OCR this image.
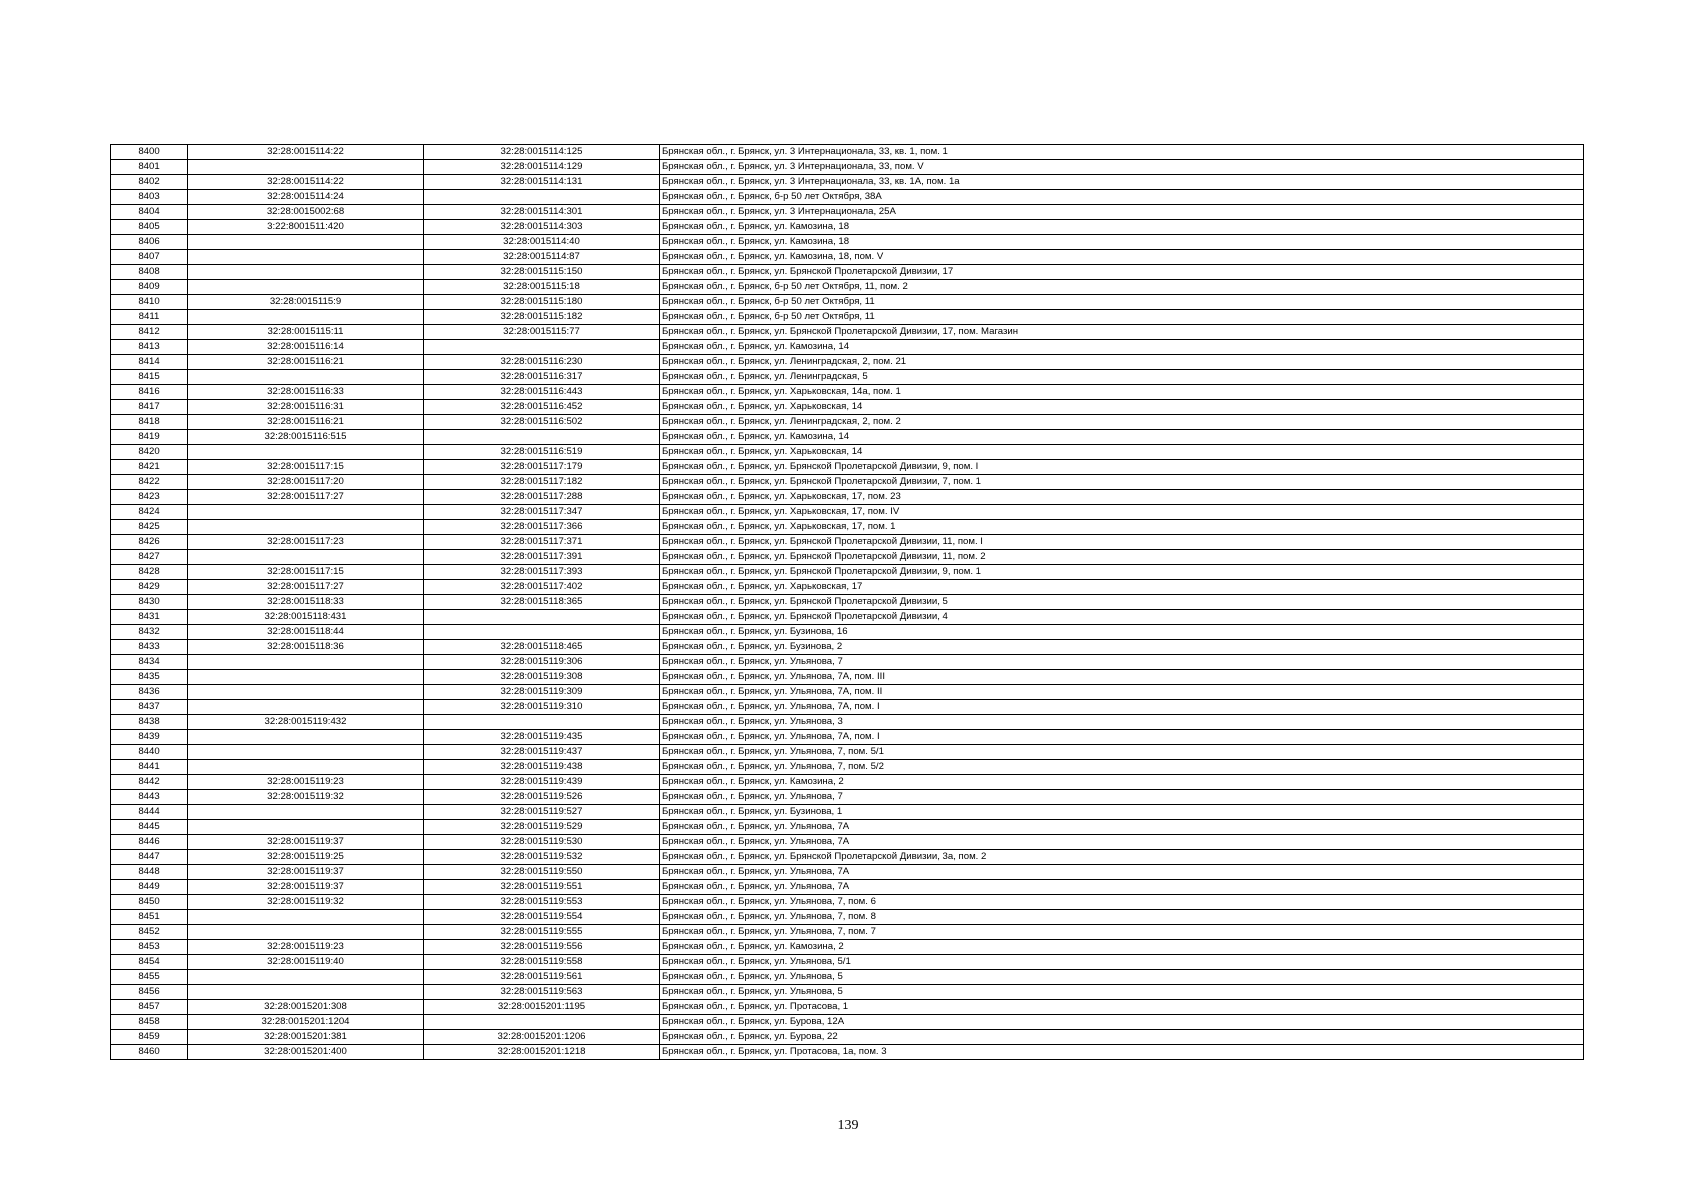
8400	32:28:0015114:22	32:28:0015114:125	Брянская обл., г. Брянск, ул. 3 Интернационала, 33, кв. 1, пом. 1
8401		32:28:0015114:129	Брянская обл., г. Брянск, ул. 3 Интернационала, 33, пом. V
8402	32:28:0015114:22	32:28:0015114:131	Брянская обл., г. Брянск, ул. 3 Интернационала, 33, кв. 1А, пом. 1а
8403	32:28:0015114:24		Брянская обл., г. Брянск, б-р 50 лет Октября, 38А
8404	32:28:0015002:68	32:28:0015114:301	Брянская обл., г. Брянск, ул. 3 Интернационала, 25А
8405	3:22:8001511:420	32:28:0015114:303	Брянская обл., г. Брянск, ул. Камозина, 18
8406		32:28:0015114:40	Брянская обл., г. Брянск, ул. Камозина, 18
8407		32:28:0015114:87	Брянская обл., г. Брянск, ул. Камозина, 18, пом. V
8408		32:28:0015115:150	Брянская обл., г. Брянск, ул. Брянской Пролетарской Дивизии, 17
8409		32:28:0015115:18	Брянская обл., г. Брянск, б-р 50 лет Октября, 11, пом. 2
8410	32:28:0015115:9	32:28:0015115:180	Брянская обл., г. Брянск, б-р 50 лет Октября, 11
8411		32:28:0015115:182	Брянская обл., г. Брянск, б-р 50 лет Октября, 11
8412	32:28:0015115:11	32:28:0015115:77	Брянская обл., г. Брянск, ул. Брянской Пролетарской Дивизии, 17, пом. Магазин
8413	32:28:0015116:14		Брянская обл., г. Брянск, ул. Камозина, 14
8414	32:28:0015116:21	32:28:0015116:230	Брянская обл., г. Брянск, ул. Ленинградская, 2, пом. 21
8415		32:28:0015116:317	Брянская обл., г. Брянск, ул. Ленинградская, 5
8416	32:28:0015116:33	32:28:0015116:443	Брянская обл., г. Брянск, ул. Харьковская, 14а, пом. 1
8417	32:28:0015116:31	32:28:0015116:452	Брянская обл., г. Брянск, ул. Харьковская, 14
8418	32:28:0015116:21	32:28:0015116:502	Брянская обл., г. Брянск, ул. Ленинградская, 2, пом. 2
8419	32:28:0015116:515		Брянская обл., г. Брянск, ул. Камозина, 14
8420		32:28:0015116:519	Брянская обл., г. Брянск, ул. Харьковская, 14
8421	32:28:0015117:15	32:28:0015117:179	Брянская обл., г. Брянск, ул. Брянской Пролетарской Дивизии, 9, пом. I
8422	32:28:0015117:20	32:28:0015117:182	Брянская обл., г. Брянск, ул. Брянской Пролетарской Дивизии, 7, пом. 1
8423	32:28:0015117:27	32:28:0015117:288	Брянская обл., г. Брянск, ул. Харьковская, 17, пом. 23
8424		32:28:0015117:347	Брянская обл., г. Брянск, ул. Харьковская, 17, пом. IV
8425		32:28:0015117:366	Брянская обл., г. Брянск, ул. Харьковская, 17, пом. 1
8426	32:28:0015117:23	32:28:0015117:371	Брянская обл., г. Брянск, ул. Брянской Пролетарской Дивизии, 11, пом. I
8427		32:28:0015117:391	Брянская обл., г. Брянск, ул. Брянской Пролетарской Дивизии, 11, пом. 2
8428	32:28:0015117:15	32:28:0015117:393	Брянская обл., г. Брянск, ул. Брянской Пролетарской Дивизии, 9, пом. 1
8429	32:28:0015117:27	32:28:0015117:402	Брянская обл., г. Брянск, ул. Харьковская, 17
8430	32:28:0015118:33	32:28:0015118:365	Брянская обл., г. Брянск, ул. Брянской Пролетарской Дивизии, 5
8431	32:28:0015118:431		Брянская обл., г. Брянск, ул. Брянской Пролетарской Дивизии, 4
8432	32:28:0015118:44		Брянская обл., г. Брянск, ул. Бузинова, 16
8433	32:28:0015118:36	32:28:0015118:465	Брянская обл., г. Брянск, ул. Бузинова, 2
8434		32:28:0015119:306	Брянская обл., г. Брянск, ул. Ульянова, 7
8435		32:28:0015119:308	Брянская обл., г. Брянск, ул. Ульянова, 7А, пом. III
8436		32:28:0015119:309	Брянская обл., г. Брянск, ул. Ульянова, 7А, пом. II
8437		32:28:0015119:310	Брянская обл., г. Брянск, ул. Ульянова, 7А, пом. I
8438	32:28:0015119:432		Брянская обл., г. Брянск, ул. Ульянова, 3
8439		32:28:0015119:435	Брянская обл., г. Брянск, ул. Ульянова, 7А, пом. I
8440		32:28:0015119:437	Брянская обл., г. Брянск, ул. Ульянова, 7, пом. 5/1
8441		32:28:0015119:438	Брянская обл., г. Брянск, ул. Ульянова, 7, пом. 5/2
8442	32:28:0015119:23	32:28:0015119:439	Брянская обл., г. Брянск, ул. Камозина, 2
8443	32:28:0015119:32	32:28:0015119:526	Брянская обл., г. Брянск, ул. Ульянова, 7
8444		32:28:0015119:527	Брянская обл., г. Брянск, ул. Бузинова, 1
8445		32:28:0015119:529	Брянская обл., г. Брянск, ул. Ульянова, 7А
8446	32:28:0015119:37	32:28:0015119:530	Брянская обл., г. Брянск, ул. Ульянова, 7А
8447	32:28:0015119:25	32:28:0015119:532	Брянская обл., г. Брянск, ул. Брянской Пролетарской Дивизии, 3а, пом. 2
8448	32:28:0015119:37	32:28:0015119:550	Брянская обл., г. Брянск, ул. Ульянова, 7А
8449	32:28:0015119:37	32:28:0015119:551	Брянская обл., г. Брянск, ул. Ульянова, 7А
8450	32:28:0015119:32	32:28:0015119:553	Брянская обл., г. Брянск, ул. Ульянова, 7, пом. 6
8451		32:28:0015119:554	Брянская обл., г. Брянск, ул. Ульянова, 7, пом. 8
8452		32:28:0015119:555	Брянская обл., г. Брянск, ул. Ульянова, 7, пом. 7
8453	32:28:0015119:23	32:28:0015119:556	Брянская обл., г. Брянск, ул. Камозина, 2
8454	32:28:0015119:40	32:28:0015119:558	Брянская обл., г. Брянск, ул. Ульянова, 5/1
8455		32:28:0015119:561	Брянская обл., г. Брянск, ул. Ульянова, 5
8456		32:28:0015119:563	Брянская обл., г. Брянск, ул. Ульянова, 5
8457	32:28:0015201:308	32:28:0015201:1195	Брянская обл., г. Брянск, ул. Протасова, 1
8458	32:28:0015201:1204		Брянская обл., г. Брянск, ул. Бурова, 12А
8459	32:28:0015201:381	32:28:0015201:1206	Брянская обл., г. Брянск, ул. Бурова, 22
8460	32:28:0015201:400	32:28:0015201:1218	Брянская обл., г. Брянск, ул. Протасова, 1а, пом. 3
139
